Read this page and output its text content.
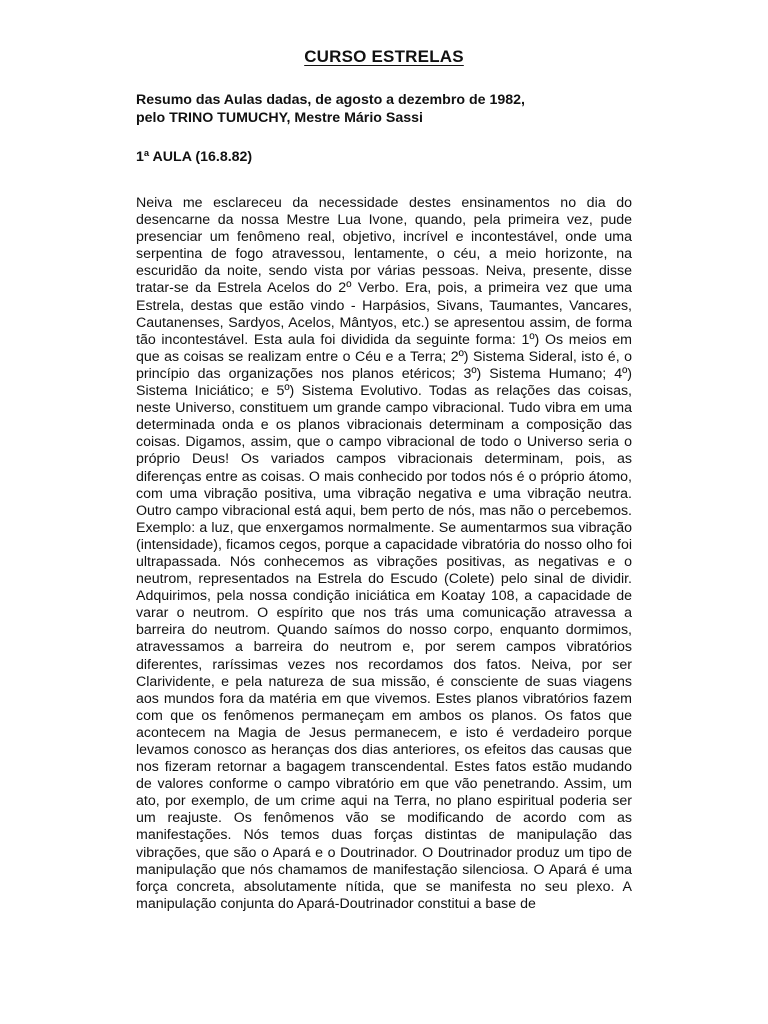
CURSO ESTRELAS

Resumo das Aulas dadas, de agosto a dezembro de 1982,
pelo TRINO TUMUCHY, Mestre Mário Sassi

1ª AULA (16.8.82)

Neiva me esclareceu da necessidade destes ensinamentos no dia do desencarne da nossa Mestre Lua Ivone, quando, pela primeira vez, pude presenciar um fenômeno real, objetivo, incrível e incontestável, onde uma serpentina de fogo atravessou, lentamente, o céu, a meio horizonte, na escuridão da noite, sendo vista por várias pessoas. Neiva, presente, disse tratar-se da Estrela Acelos do 2º Verbo. Era, pois, a primeira vez que uma Estrela, destas que estão vindo - Harpásios, Sivans, Taumantes, Vancares, Cautanenses, Sardyos, Acelos, Mântyos, etc.) se apresentou assim, de forma tão incontestável. Esta aula foi dividida da seguinte forma: 1º) Os meios em que as coisas se realizam entre o Céu e a Terra; 2º) Sistema Sideral, isto é, o princípio das organizações nos planos etéricos; 3º) Sistema Humano; 4º) Sistema Iniciático; e 5º) Sistema Evolutivo. Todas as relações das coisas, neste Universo, constituem um grande campo vibracional. Tudo vibra em uma determinada onda e os planos vibracionais determinam a composição das coisas. Digamos, assim, que o campo vibracional de todo o Universo seria o próprio Deus! Os variados campos vibracionais determinam, pois, as diferenças entre as coisas. O mais conhecido por todos nós é o próprio átomo, com uma vibração positiva, uma vibração negativa e uma vibração neutra. Outro campo vibracional está aqui, bem perto de nós, mas não o percebemos. Exemplo: a luz, que enxergamos normalmente. Se aumentarmos sua vibração (intensidade), ficamos cegos, porque a capacidade vibratória do nosso olho foi ultrapassada. Nós conhecemos as vibrações positivas, as negativas e o neutrom, representados na Estrela do Escudo (Colete) pelo sinal de dividir. Adquirimos, pela nossa condição iniciática em Koatay 108, a capacidade de varar o neutrom. O espírito que nos trás uma comunicação atravessa a barreira do neutrom. Quando saímos do nosso corpo, enquanto dormimos, atravessamos a barreira do neutrom e, por serem campos vibratórios diferentes, raríssimas vezes nos recordamos dos fatos. Neiva, por ser Clarividente, e pela natureza de sua missão, é consciente de suas viagens aos mundos fora da matéria em que vivemos. Estes planos vibratórios fazem com que os fenômenos permaneçam em ambos os planos. Os fatos que acontecem na Magia de Jesus permanecem, e isto é verdadeiro porque levamos conosco as heranças dos dias anteriores, os efeitos das causas que nos fizeram retornar a bagagem transcendental. Estes fatos estão mudando de valores conforme o campo vibratório em que vão penetrando. Assim, um ato, por exemplo, de um crime aqui na Terra, no plano espiritual poderia ser um reajuste. Os fenômenos vão se modificando de acordo com as manifestações. Nós temos duas forças distintas de manipulação das vibrações, que são o Apará e o Doutrinador. O Doutrinador produz um tipo de manipulação que nós chamamos de manifestação silenciosa. O Apará é uma força concreta, absolutamente nítida, que se manifesta no seu plexo. A manipulação conjunta do Apará-Doutrinador constitui a base de
